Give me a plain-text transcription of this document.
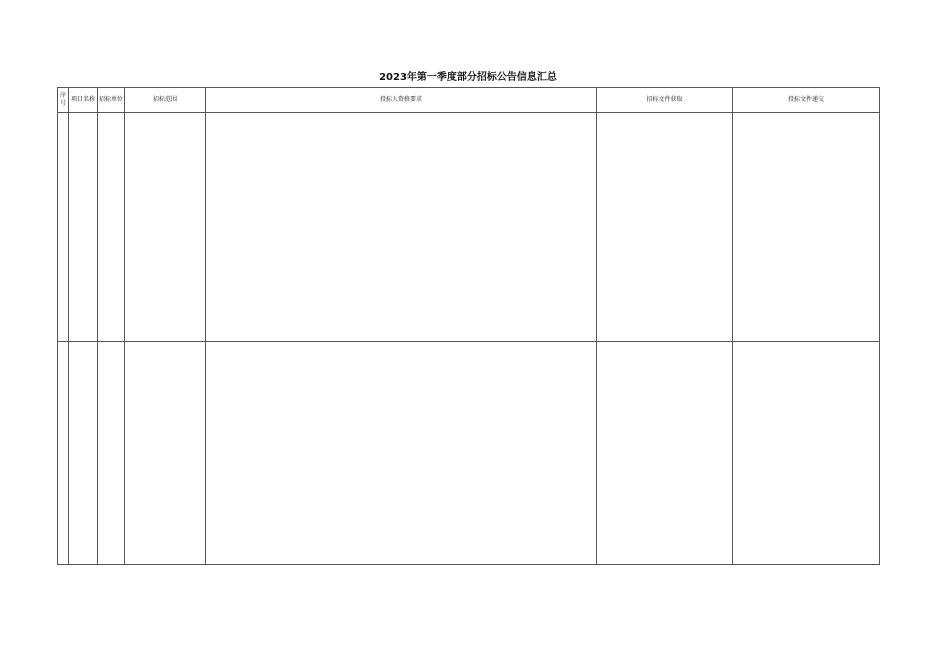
2023年第一季度部分招标公告信息汇总
序号	项目名称	招标单位	招标范围	投标人资格要求	招标文件获取	投标文件递交
